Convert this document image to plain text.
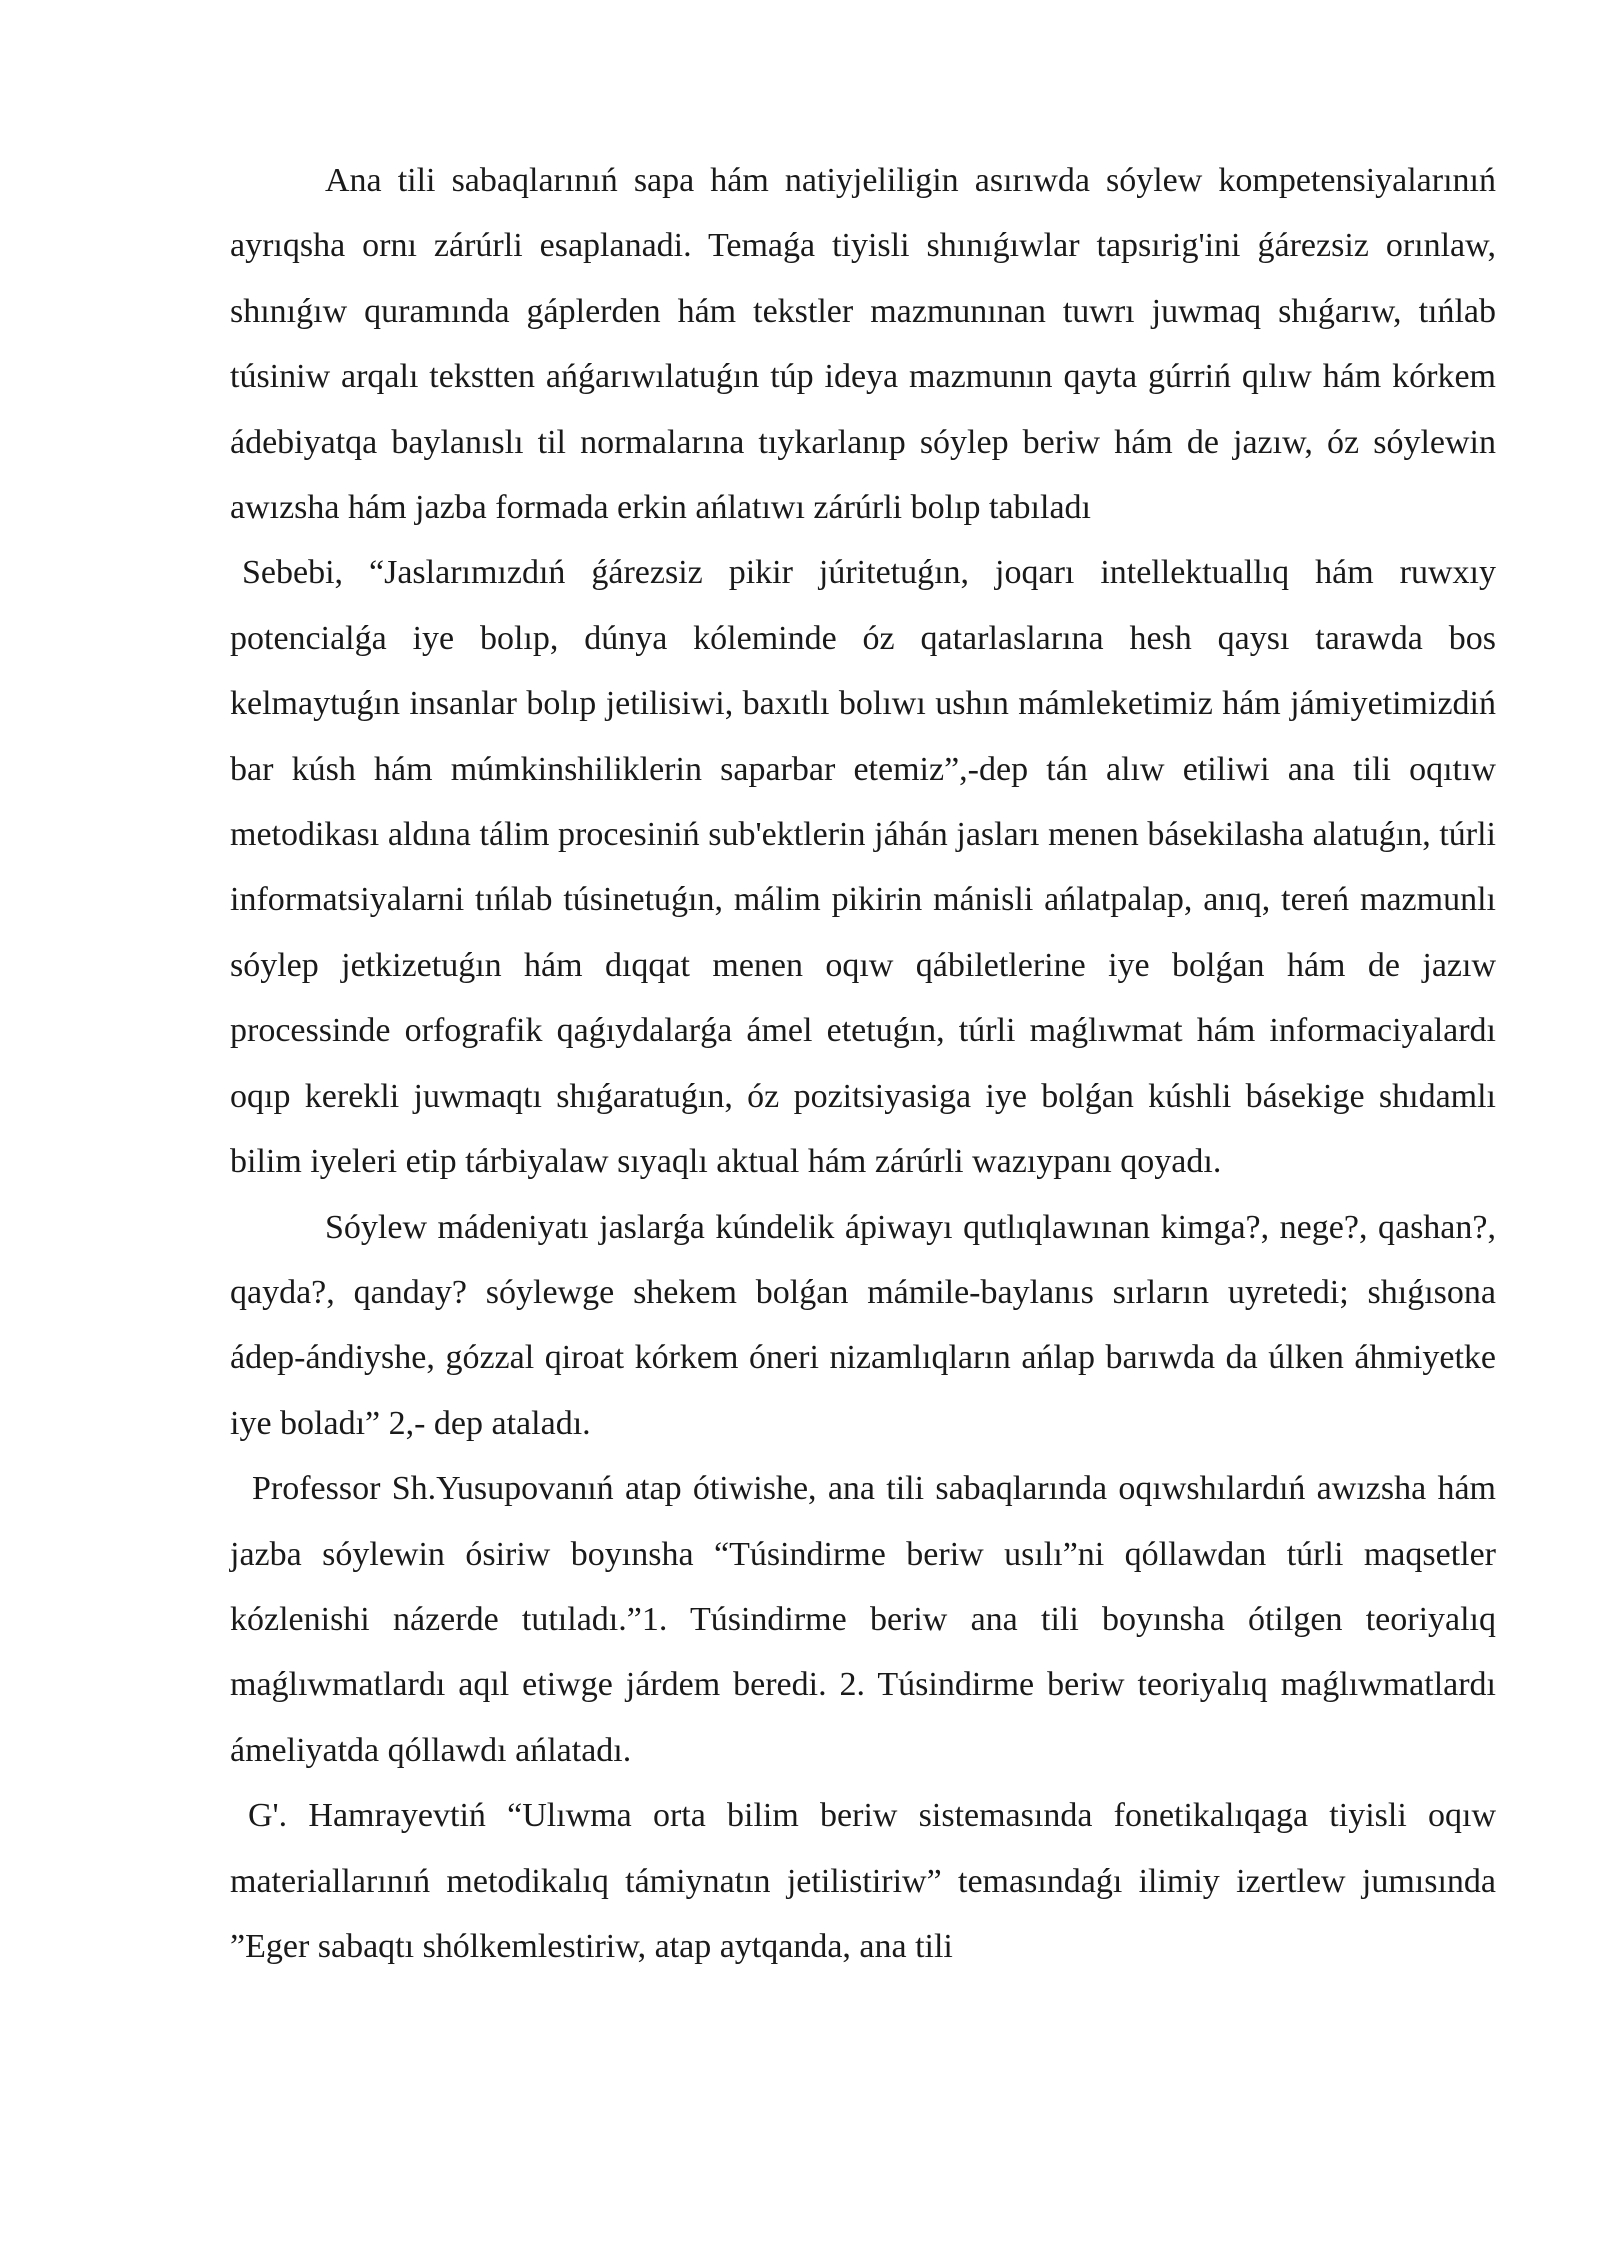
Ana tili sabaqlarınıń sapa hám natiyjeliligin asırıwda sóylew kompetensiyalarınıń ayrıqsha ornı zárúrli esaplanadi. Temaǵa tiyisli shınıǵıwlar tapsırig'ini ǵárezsiz orınlaw, shınıǵıw quramında gáplerden hám tekstler mazmunınan tuwrı juwmaq shıǵarıw, tıńlab túsiniw arqalı tekstten ańǵarıwılatuǵın túp ideya mazmunın qayta gúrriń qılıw hám kórkem ádebiyatqa baylanıslı til normalarına tıykarlanıp sóylep beriw hám de jazıw, óz sóylewin awızsha hám jazba formada erkin ańlatıwı zárúrli bolıp tabıladı

Sebebi, “Jaslarımızdıń ǵárezsiz pikir júritetuǵın, joqarı intellektuallıq hám ruwxıy potencialǵa iye bolıp, dúnya kóleminde óz qatarlaslarına hesh qaysı tarawda bos kelmaytuǵın insanlar bolıp jetilisiwi, baxıtlı bolıwı ushın mámleketimiz hám jámiyetimizdiń bar kúsh hám múmkinshiliklerin saparbar etemiz”,-dep tán alıw etiliwi ana tili oqıtıw metodikası aldına tálim procesiniń sub'ektlerin jáhán jasları menen básekilasha alatuǵın, túrli informatsiyalarni tıńlab túsinetuǵın, málim pikirin mánisli ańlatpalap, anıq, tereń mazmunlı sóylep jetkizetuǵın hám dıqqat menen oqıw qábiletlerine iye bolǵan hám de jazıw processinde orfografik qaǵıydalarǵa ámel etetuǵın, túrli maǵlıwmat hám informaciyalardı oqıp kerekli juwmaqtı shıǵaratuǵın, óz pozitsiyasiga iye bolǵan kúshli básekige shıdamlı bilim iyeleri etip tárbiyalaw sıyaqlı aktual hám zárúrli wazıypanı qoyadı.

Sóylew mádeniyatı jaslarǵa kúndelik ápiwayı qutlıqlawınan kimga?, nege?, qashan?, qayda?, qanday? sóylewge shekem bolǵan mámile-baylanıs sırların uyretedi; shıǵısona ádep-ándiyshe, gózzal qiroat kórkem óneri nizamlıqların ańlap barıwda da úlken áhmiyetke iye boladı” 2,- dep ataladı.

Professor Sh.Yusupovanıń atap ótiwishe, ana tili sabaqlarında oqıwshılardıń awızsha hám jazba sóylewin ósiriw boyınsha “Túsindirme beriw usılı”ni qóllawdan túrli maqsetler kózlenishi názerde tutıladı.”1. Túsindirme beriw ana tili boyınsha ótilgen teoriyalıq maǵlıwmatlardı aqıl etiwge járdem beredi. 2. Túsindirme beriw teoriyalıq maǵlıwmatlardı ámeliyatda qóllawdı ańlatadı.

G'. Hamrayevtiń “Ulıwma orta bilim beriw sistemasında fonetikalıqaga tiyisli oqıw materiallarınıń metodikalıq támiynatın jetilistiriw” temasındaǵı ilimiy izertlew jumısında ”Eger sabaqtı shólkemlestiriw, atap aytqanda, ana tili
